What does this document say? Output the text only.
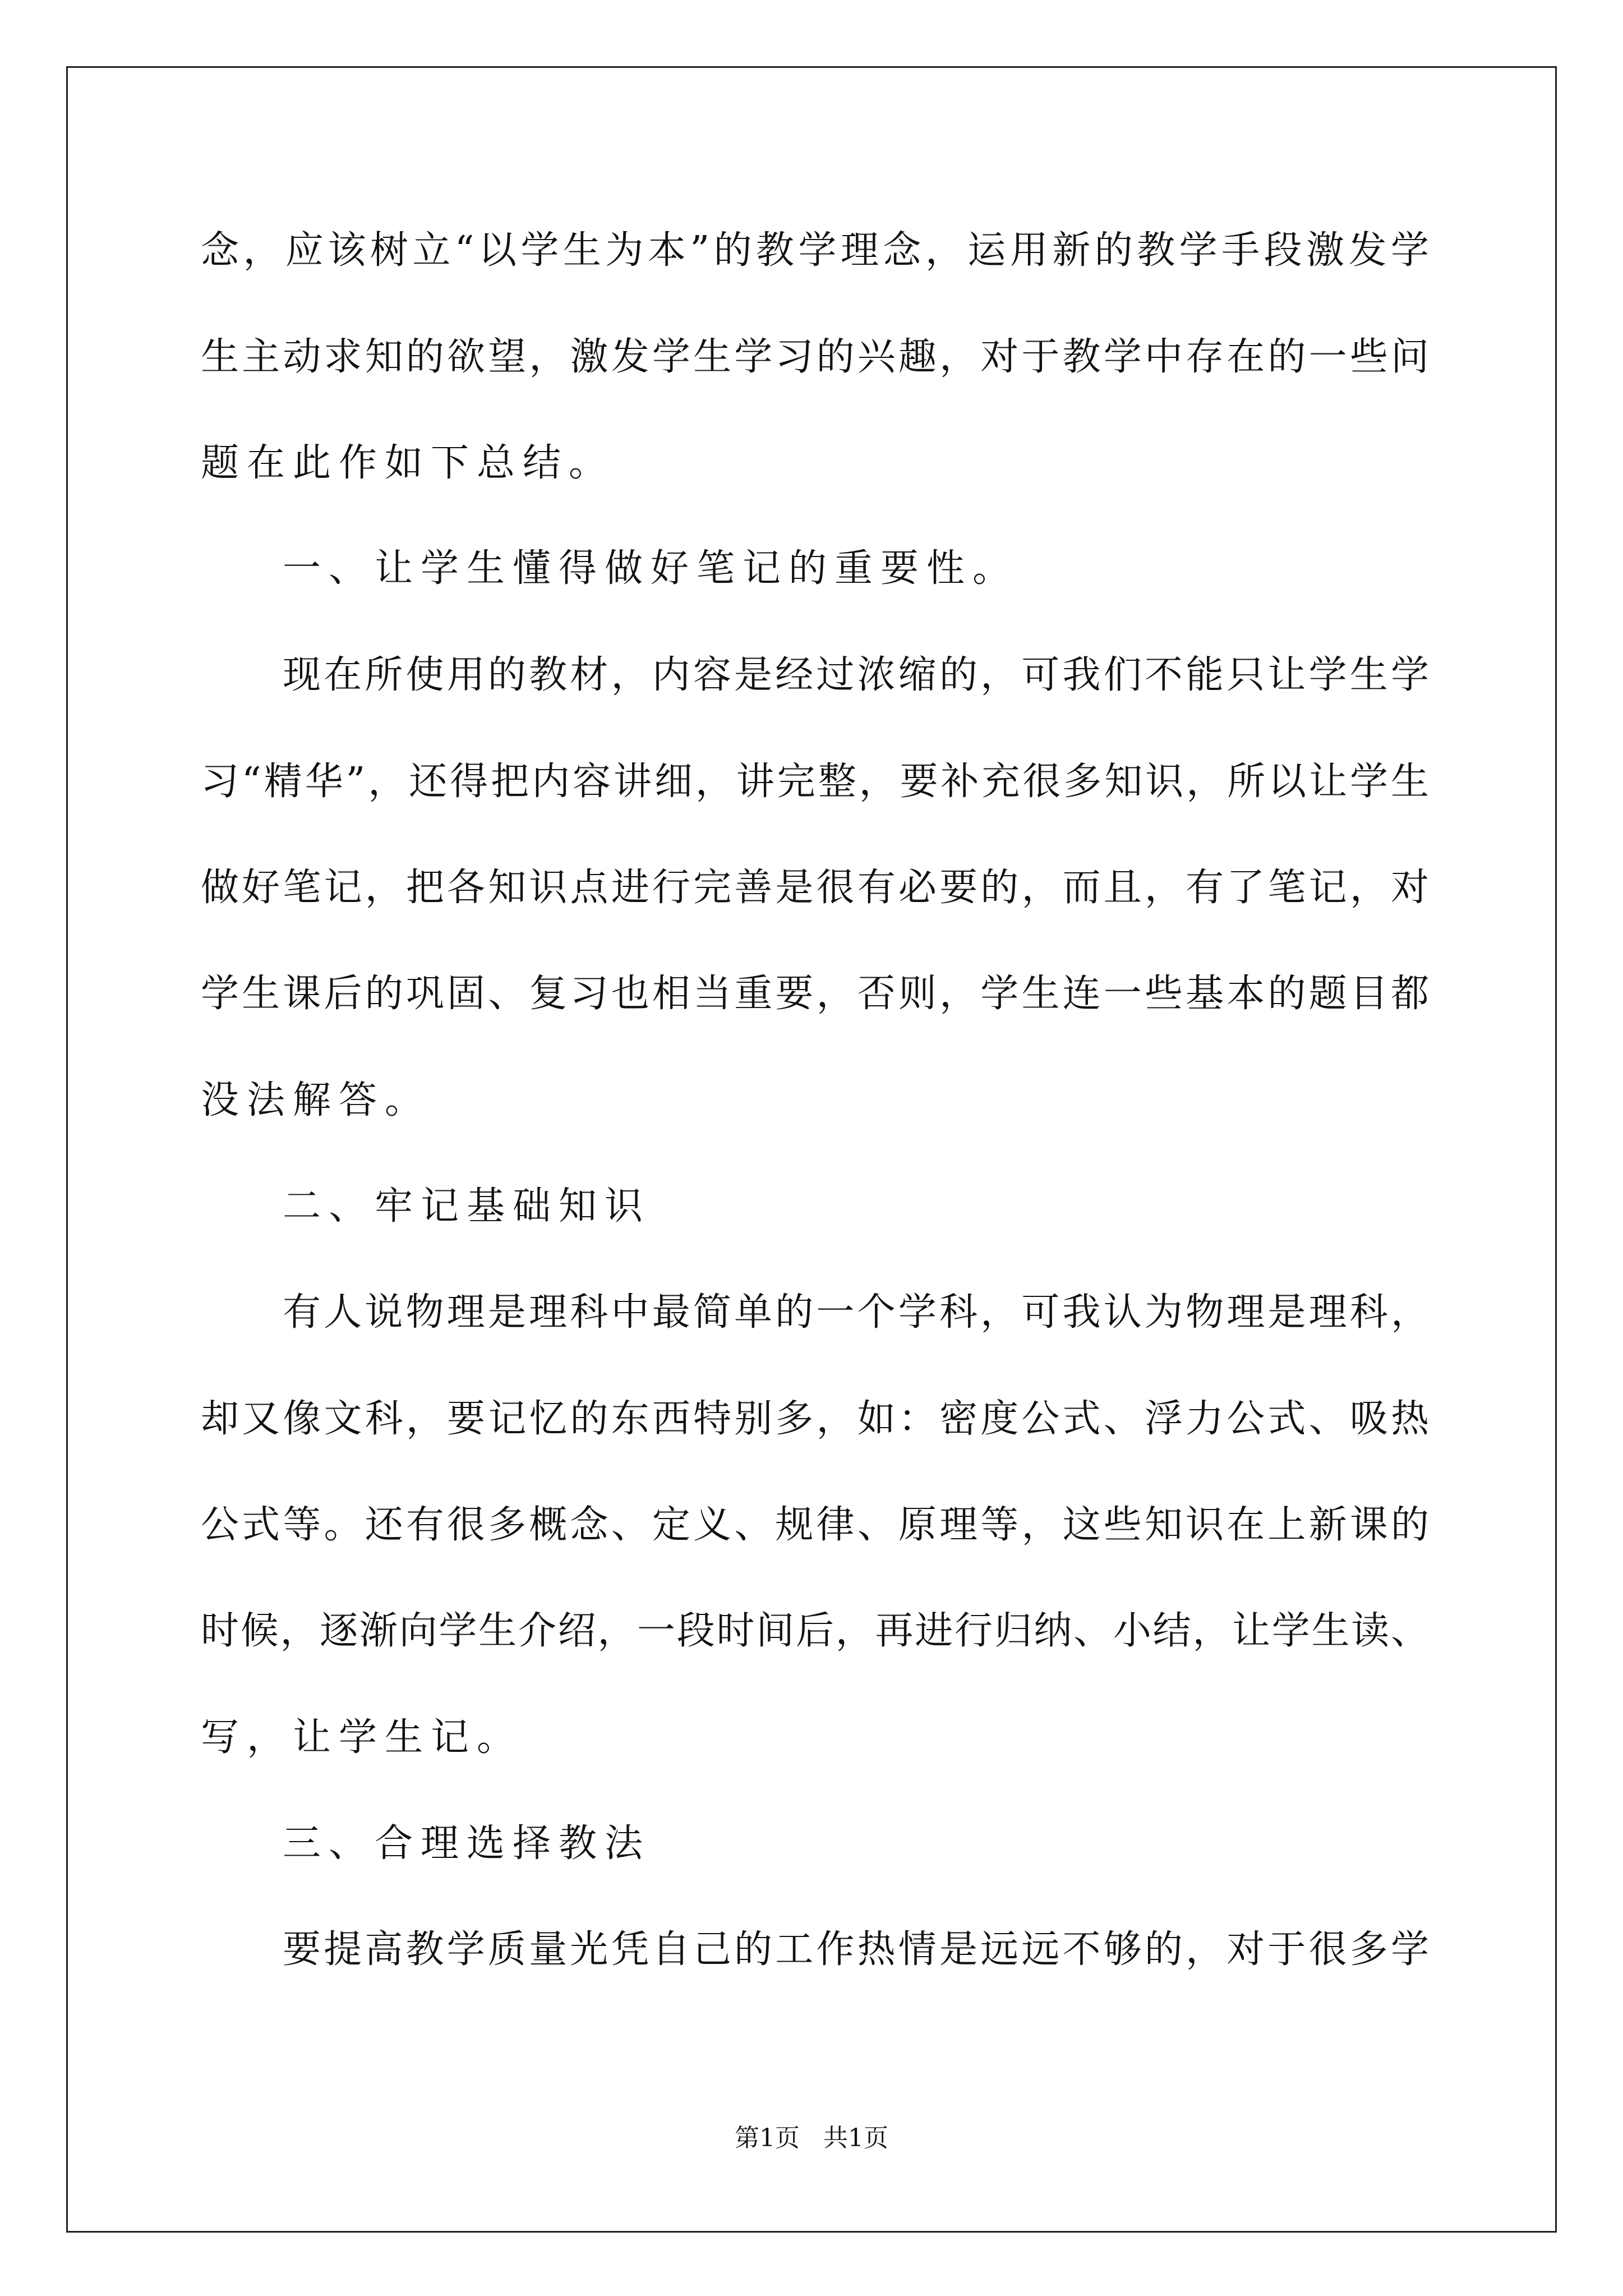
念，应该树立“以学生为本”的教学理念，运用新的教学手段激发学
生主动求知的欲望，激发学生学习的兴趣，对于教学中存在的一些问
题在此作如下总结。
一、让学生懂得做好笔记的重要性。
现在所使用的教材，内容是经过浓缩的，可我们不能只让学生学
习“精华”，还得把内容讲细，讲完整，要补充很多知识，所以让学生
做好笔记，把各知识点进行完善是很有必要的，而且，有了笔记，对
学生课后的巩固、复习也相当重要，否则，学生连一些基本的题目都
没法解答。
二、牢记基础知识
有人说物理是理科中最简单的一个学科，可我认为物理是理科，
却又像文科，要记忆的东西特别多，如：密度公式、浮力公式、吸热
公式等。还有很多概念、定义、规律、原理等，这些知识在上新课的
时候，逐渐向学生介绍，一段时间后，再进行归纳、小结，让学生读、
写，让学生记。
三、合理选择教法
要提高教学质量光凭自己的工作热情是远远不够的，对于很多学
第1页   共1页
